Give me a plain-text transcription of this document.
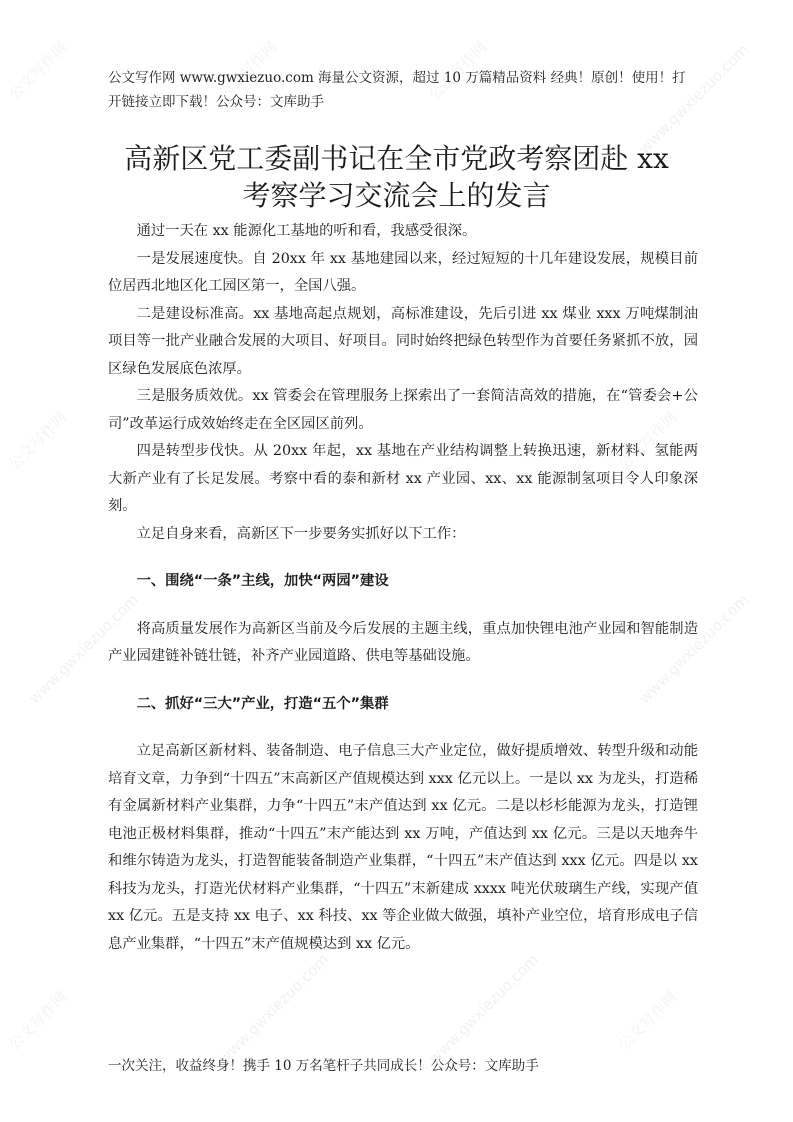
公文写作网	公文写作网	公文写作网	www.gwxiezuo.com
公文写作网	公文写作网
www.gwxiezuo.com	www.gwxiezuo.com
公文写作网	www.gwxiezuo.com	www.gwxiezuo.com	公文写作网
公文写作网 www.gwxiezuo.com 海量公文资源，超过 10 万篇精品资料 经典！原创！使用！打开链接立即下载！公众号：文库助手
高新区党工委副书记在全市党政考察团赴 xx
考察学习交流会上的发言

通过一天在 xx 能源化工基地的听和看，我感受很深。

一是发展速度快。自 20xx 年 xx 基地建园以来，经过短短的十几年建设发展，规模目前位居西北地区化工园区第一，全国八强。

二是建设标准高。xx 基地高起点规划，高标准建设，先后引进 xx 煤业 xxx 万吨煤制油项目等一批产业融合发展的大项目、好项目。同时始终把绿色转型作为首要任务紧抓不放，园区绿色发展底色浓厚。

三是服务质效优。xx 管委会在管理服务上探索出了一套简洁高效的措施，在“管委会+公司”改革运行成效始终走在全区园区前列。

四是转型步伐快。从 20xx 年起，xx 基地在产业结构调整上转换迅速，新材料、氢能两大新产业有了长足发展。考察中看的泰和新材 xx 产业园、xx、xx 能源制氢项目令人印象深刻。

立足自身来看，高新区下一步要务实抓好以下工作：

一、围绕“一条”主线，加快“两园”建设

将高质量发展作为高新区当前及今后发展的主题主线，重点加快锂电池产业园和智能制造产业园建链补链壮链，补齐产业园道路、供电等基础设施。

二、抓好“三大”产业，打造“五个”集群

立足高新区新材料、装备制造、电子信息三大产业定位，做好提质增效、转型升级和动能培育文章，力争到“十四五”末高新区产值规模达到 xxx 亿元以上。一是以 xx 为龙头，打造稀有金属新材料产业集群，力争“十四五”末产值达到 xx 亿元。二是以杉杉能源为龙头，打造锂电池正极材料集群，推动“十四五”末产能达到 xx 万吨，产值达到 xx 亿元。三是以天地奔牛和维尔铸造为龙头，打造智能装备制造产业集群，“十四五”末产值达到 xxx 亿元。四是以 xx 科技为龙头，打造光伏材料产业集群，“十四五”末新建成 xxxx 吨光伏玻璃生产线，实现产值 xx 亿元。五是支持 xx 电子、xx 科技、xx 等企业做大做强，填补产业空位，培育形成电子信息产业集群，“十四五”末产值规模达到 xx 亿元。

一次关注，收益终身！携手 10 万名笔杆子共同成长！公众号：文库助手
